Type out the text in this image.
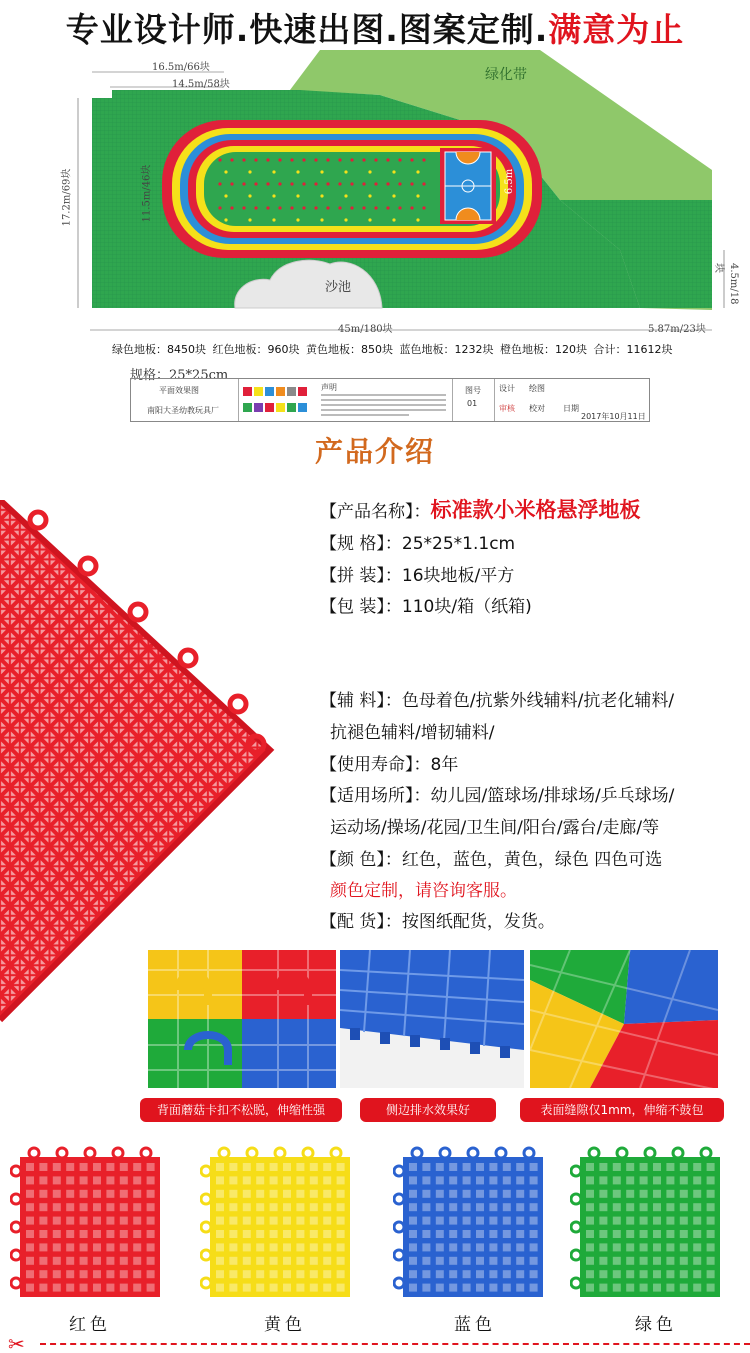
专业设计师.快速出图.图案定制.满意为止
16.5m/66块
14.5m/58块
17.2m/69块	11.5m/46块	6.5m
4.5m/18块
45m/180块	5.87m/23块
绿化带
沙池
绿色地板：8450块 红色地板：960块 黄色地板：850块 蓝色地板：1232块 橙色地板：120块 合计：11612块
规格：25*25cm
平面效果图
南阳大圣幼教玩具厂
声明	图号
01
设计 绘图
审核 校对 日期
2017年10月11日
产品介绍
【产品名称】：标准款小米格悬浮地板
【规 格】：25*25*1.1cm
【拼 装】：16块地板/平方
【包 装】：110块/箱（纸箱)
【辅 料】：色母着色/抗紫外线辅料/抗老化辅料/
抗褪色辅料/增韧辅料/
【使用寿命】：8年
【适用场所】：幼儿园/篮球场/排球场/乒乓球场/
运动场/操场/花园/卫生间/阳台/露台/走廊/等
【颜 色】：红色，蓝色，黄色，绿色 四色可选
颜色定制，请咨询客服。
【配 货】：按图纸配货，发货。
背面蘑菇卡扣不松脱，伸缩性强	侧边排水效果好	表面缝隙仅1mm，伸缩不鼓包
红色	黄色	蓝色	绿色
✂
